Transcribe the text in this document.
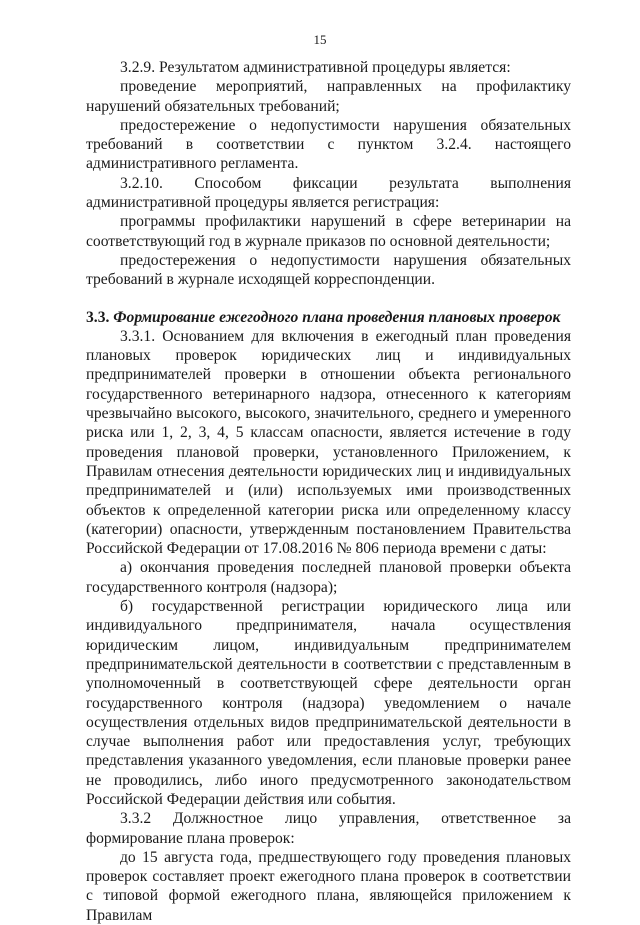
15

3.2.9. Результатом административной процедуры является:

проведение мероприятий, направленных на профилактику нарушений обязательных требований;

предостережение о недопустимости нарушения обязательных требований в соответствии с пунктом 3.2.4. настоящего административного регламента.

3.2.10. Способом фиксации результата выполнения административной процедуры является регистрация:

программы профилактики нарушений в сфере ветеринарии на соответствующий год в журнале приказов по основной деятельности;

предостережения о недопустимости нарушения обязательных требований в журнале исходящей корреспонденции.

3.3. Формирование ежегодного плана проведения плановых проверок

3.3.1. Основанием для включения в ежегодный план проведения плановых проверок юридических лиц и индивидуальных предпринимателей проверки в отношении объекта регионального государственного ветеринарного надзора, отнесенного к категориям чрезвычайно высокого, высокого, значительного, среднего и умеренного риска или 1, 2, 3, 4, 5 классам опасности, является истечение в году проведения плановой проверки, установленного Приложением, к Правилам отнесения деятельности юридических лиц и индивидуальных предпринимателей и (или) используемых ими производственных объектов к определенной категории риска или определенному классу (категории) опасности, утвержденным постановлением Правительства Российской Федерации от 17.08.2016 № 806 периода времени с даты:

а) окончания проведения последней плановой проверки объекта государственного контроля (надзора);

б) государственной регистрации юридического лица или индивидуального предпринимателя, начала осуществления юридическим лицом, индивидуальным предпринимателем предпринимательской деятельности в соответствии с представленным в уполномоченный в соответствующей сфере деятельности орган государственного контроля (надзора) уведомлением о начале осуществления отдельных видов предпринимательской деятельности в случае выполнения работ или предоставления услуг, требующих представления указанного уведомления, если плановые проверки ранее не проводились, либо иного предусмотренного законодательством Российской Федерации действия или события.

3.3.2 Должностное лицо управления, ответственное за формирование плана проверок:

до 15 августа года, предшествующего году проведения плановых проверок составляет проект ежегодного плана проверок в соответствии с типовой формой ежегодного плана, являющейся приложением к Правилам
